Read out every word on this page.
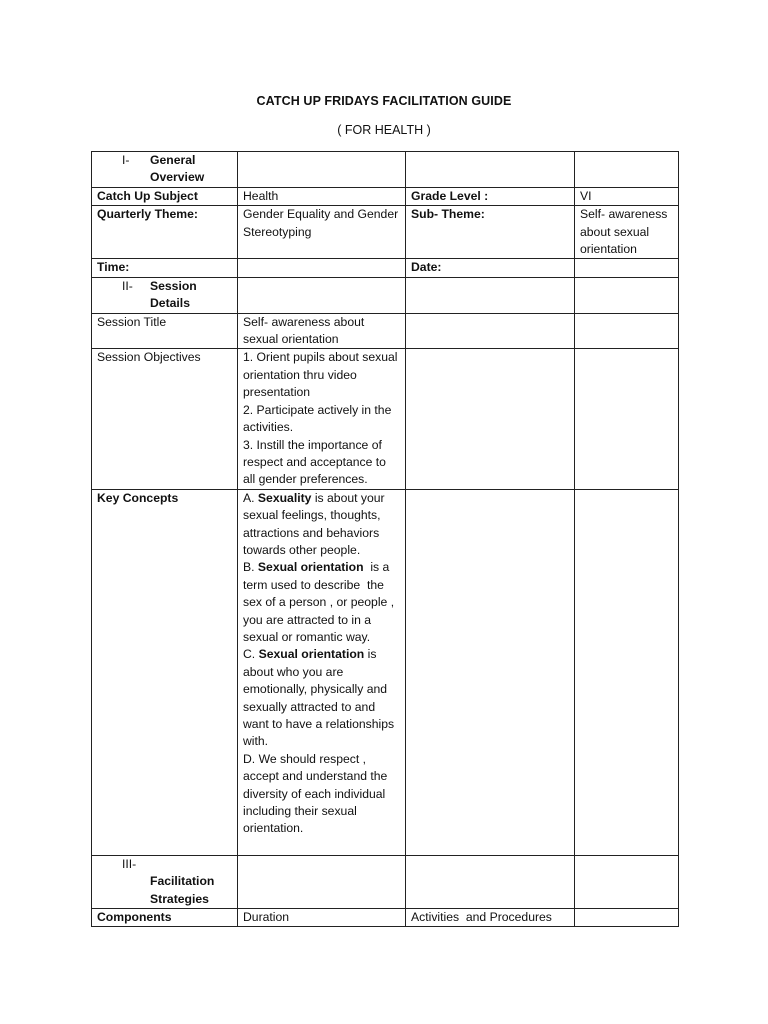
CATCH UP FRIDAYS FACILITATION GUIDE
( FOR HEALTH )
I- General
Overview			

Catch Up Subject	Health	Grade Level :	VI
Quarterly Theme:	Gender Equality and Gender Stereotyping	Sub- Theme:	Self- awareness about sexual orientation
Time:		Date:	

II- Session
Details			

Session Title	Self- awareness about sexual orientation		
Session Objectives	1. Orient pupils about sexual orientation thru video presentation
2. Participate actively in the activities.
3. Instill the importance of respect and acceptance to all gender preferences.		

Key Concepts	A. Sexuality is about your sexual feelings, thoughts, attractions and behaviors towards other people.
B. Sexual orientation  is a term used to describe  the sex of a person , or people , you are attracted to in a sexual or romantic way.
C. Sexual orientation is about who you are emotionally, physically and sexually attracted to and want to have a relationships with.
D. We should respect , accept and understand the diversity of each individual including their sexual orientation.		

III-
Facilitation
Strategies			

Components	Duration	Activities  and Procedures	
